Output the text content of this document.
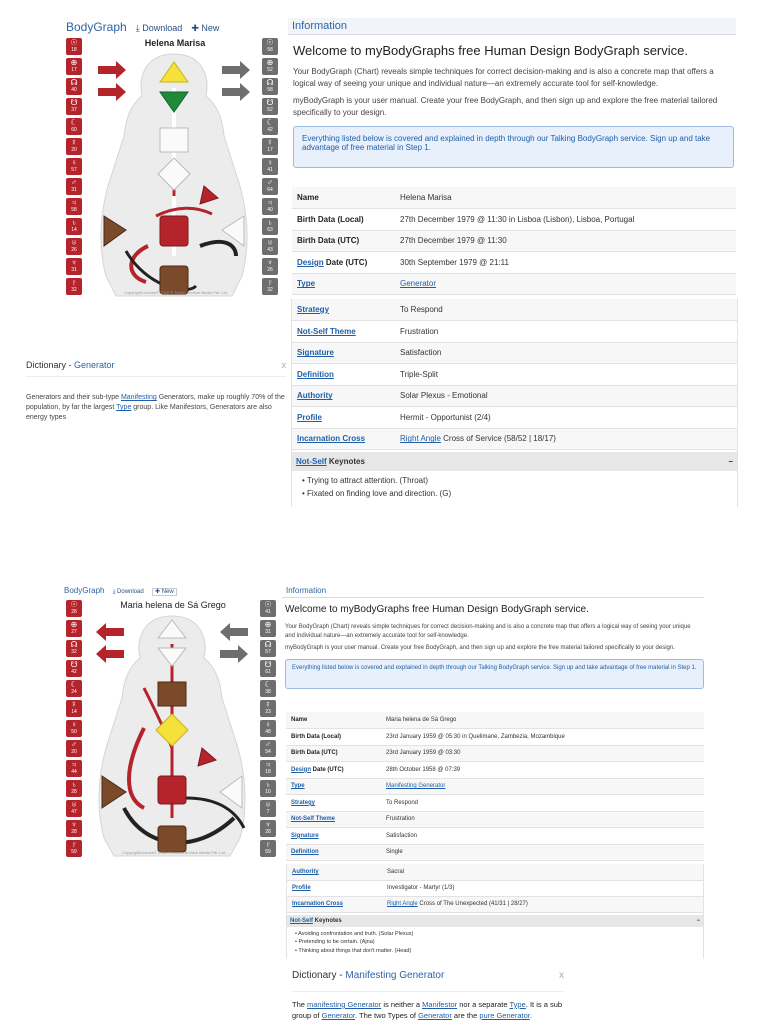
BodyGraph ⤓ Download ✚ New
Helena Marisa
☉
18
⊕
17
☊
40
☋
37
☾
60
☿
20
♀
57
♂
31
♃
58
♄
14
♅
26
♆
31
♇
32
☉
58
⊕
52
☊
58
☋
52
☾
42
☿
17
♀
41
♂
64
♃
40
♄
63
♅
43
♆
26
♇
32
Copyright/License© 2018 ® Jovian Archive Media Pte. Ltd.
Information
Welcome to myBodyGraphs free Human Design BodyGraph service.
Your BodyGraph (Chart) reveals simple techniques for correct decision-making and is also a concrete map that offers a logical way of seeing your unique and individual nature—an extremely accurate tool for self-knowledge.
myBodyGraph is your user manual. Create your free BodyGraph, and then sign up and explore the free material tailored specifically to your design.
Everything listed below is covered and explained in depth through our Talking BodyGraph service. Sign up and take advantage of free material in Step 1.
Name	Helena Marisa
Birth Data (Local)	27th December 1979 @ 11:30 in Lisboa (Lisbon), Lisboa, Portugal
Birth Data (UTC)	27th December 1979 @ 11:30
Design Date (UTC)	30th September 1979 @ 21:11
Type	Generator
Strategy	To Respond
Not-Self Theme	Frustration
Signature	Satisfaction
Definition	Triple-Split
Authority	Solar Plexus - Emotional
Profile	Hermit - Opportunist (2/4)
Incarnation Cross	Right Angle Cross of Service (58/52 | 18/17)
Not-Self Keynotes	−
• Trying to attract attention. (Throat)
• Fixated on finding love and direction. (G)
Dictionary - Generator	x
Generators and their sub-type Manifesting Generators, make up roughly 70% of the population, by far the largest Type group. Like Manifestors, Generators are also energy types
BodyGraph ⤓ Download ✚ New
Maria helena de Sá Grego
☉
28
⊕
27
☊
32
☋
42
☾
24
☿
14
♀
50
♂
20
♃
44
♄
28
♅
47
♆
28
♇
59
☉
41
⊕
31
☊
57
☋
61
☾
38
☿
23
♀
48
♂
54
♃
18
♄
10
♅
7
♆
28
♇
59
Copyright/License© 2018 ® Jovian Archive Media Pte. Ltd.
Information
Welcome to myBodyGraphs free Human Design BodyGraph service.
Your BodyGraph (Chart) reveals simple techniques for correct decision-making and is also a concrete map that offers a logical way of seeing your unique and individual nature—an extremely accurate tool for self-knowledge.
myBodyGraph is your user manual. Create your free BodyGraph, and then sign up and explore the free material tailored specifically to your design.
Everything listed below is covered and explained in depth through our Talking BodyGraph service. Sign up and take advantage of free material in Step 1.
Name	Maria helena de Sá Grego
Birth Data (Local)	23rd January 1959 @ 05:30 in Quelimane, Zambezia, Mozambique
Birth Data (UTC)	23rd January 1959 @ 03:30
Design Date (UTC)	28th October 1958 @ 07:39
Type	Manifesting Generator
Strategy	To Respond
Not-Self Theme	Frustration
Signature	Satisfaction
Definition	Single
Authority	Sacral
Profile	Investigator - Martyr (1/3)
Incarnation Cross	Right Angle Cross of The Unexpected (41/31 | 28/27)
Not-Self Keynotes	−
• Avoiding confrontation and truth. (Solar Plexus)
• Pretending to be certain. (Ajna)
• Thinking about things that don't matter. (Head)
Dictionary - Manifesting Generator	x
The manifesting Generator is neither a Manifestor nor a separate Type. It is a sub group of Generator. The two Types of Generator are the pure Generator.
